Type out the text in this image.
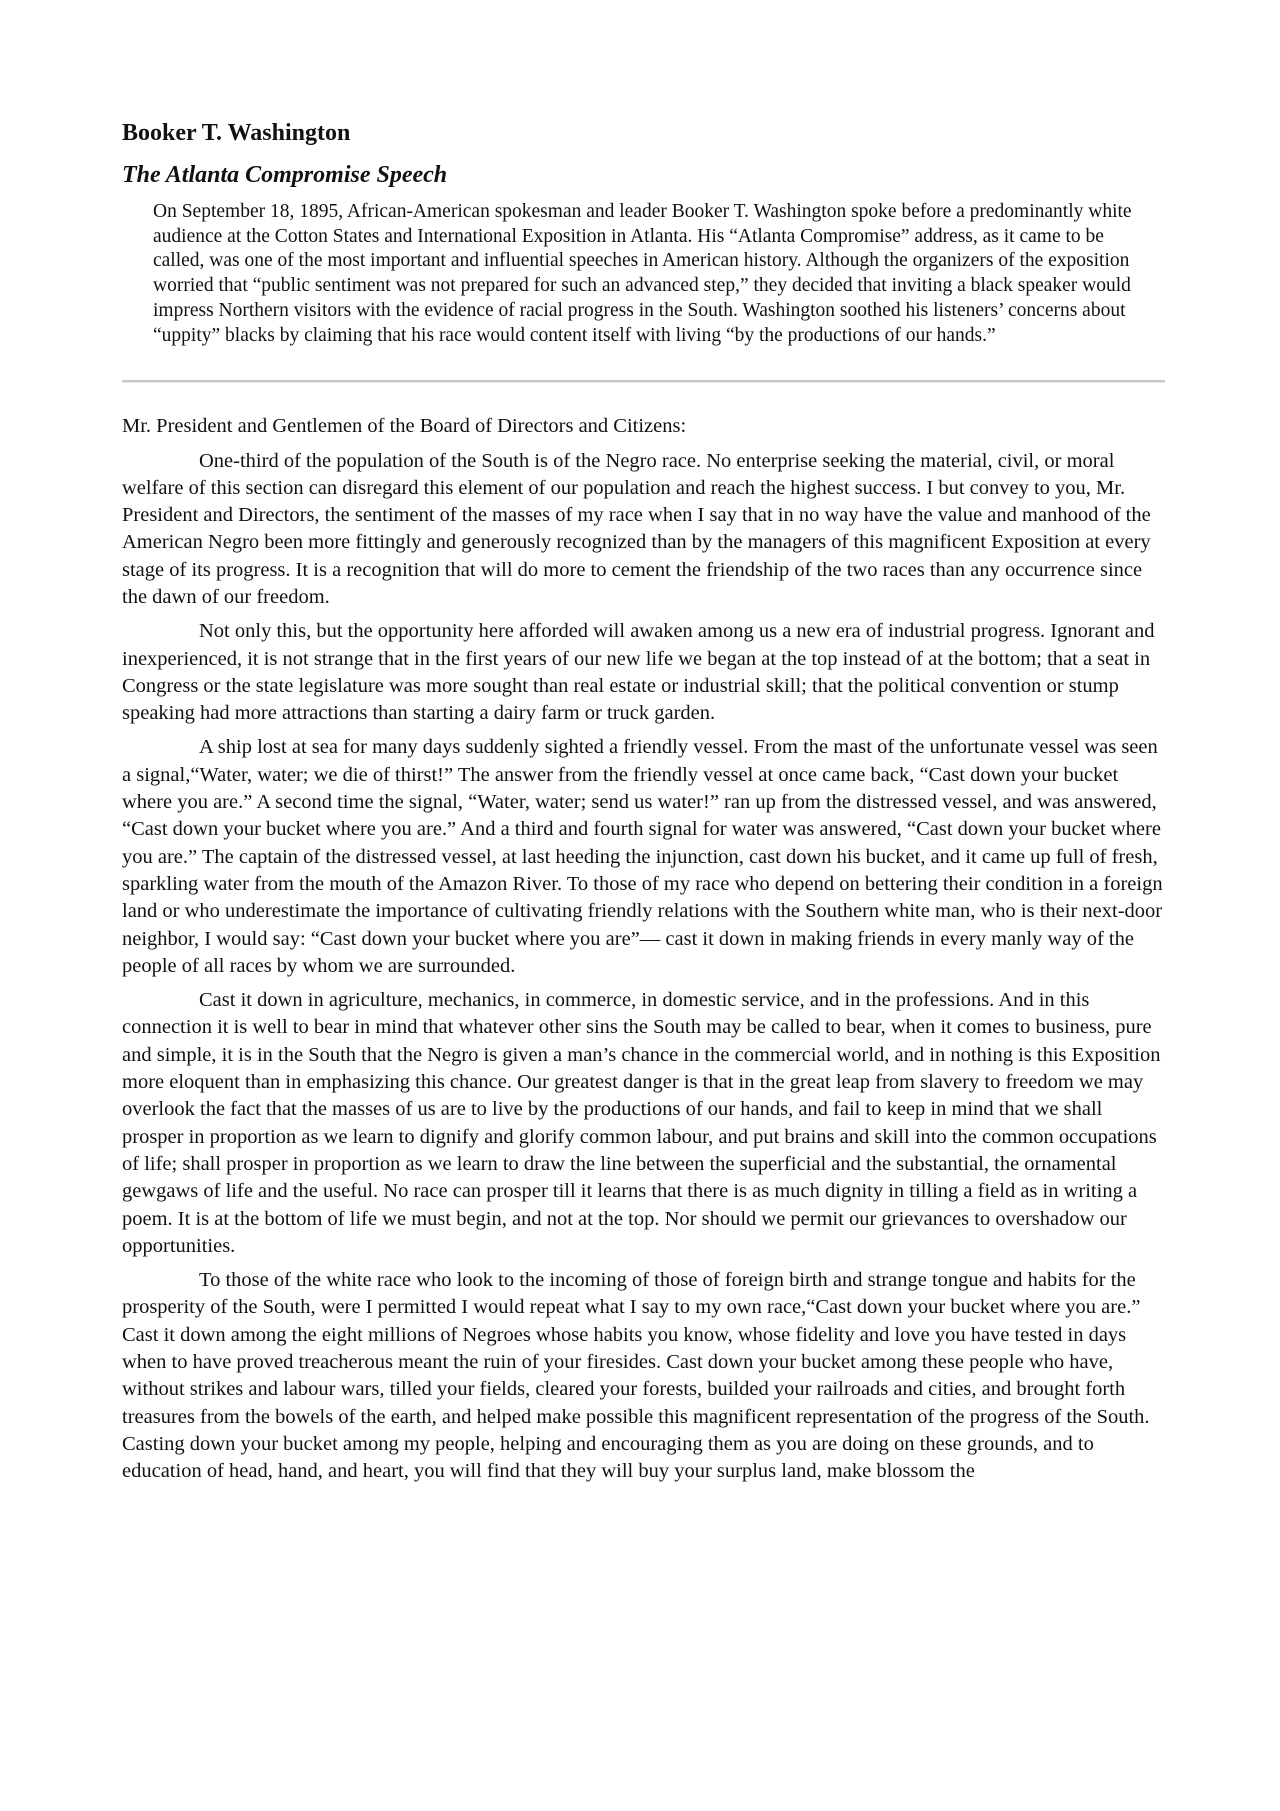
Booker T. Washington
The Atlanta Compromise Speech

On September 18, 1895, African-American spokesman and leader Booker T. Washington spoke before a predominantly white audience at the Cotton States and International Exposition in Atlanta. His “Atlanta Compromise” address, as it came to be called, was one of the most important and influential speeches in American history. Although the organizers of the exposition worried that “public sentiment was not prepared for such an advanced step,” they decided that inviting a black speaker would impress Northern visitors with the evidence of racial progress in the South. Washington soothed his listeners’ concerns about “uppity” blacks by claiming that his race would content itself with living “by the productions of our hands.”

Mr. President and Gentlemen of the Board of Directors and Citizens:

One-third of the population of the South is of the Negro race. No enterprise seeking the material, civil, or moral welfare of this section can disregard this element of our population and reach the highest success. I but convey to you, Mr. President and Directors, the sentiment of the masses of my race when I say that in no way have the value and manhood of the American Negro been more fittingly and generously recognized than by the managers of this magnificent Exposition at every stage of its progress. It is a recognition that will do more to cement the friendship of the two races than any occurrence since the dawn of our freedom.

Not only this, but the opportunity here afforded will awaken among us a new era of industrial progress. Ignorant and inexperienced, it is not strange that in the first years of our new life we began at the top instead of at the bottom; that a seat in Congress or the state legislature was more sought than real estate or industrial skill; that the political convention or stump speaking had more attractions than starting a dairy farm or truck garden.

A ship lost at sea for many days suddenly sighted a friendly vessel. From the mast of the unfortunate vessel was seen a signal,“Water, water; we die of thirst!” The answer from the friendly vessel at once came back, “Cast down your bucket where you are.” A second time the signal, “Water, water; send us water!” ran up from the distressed vessel, and was answered, “Cast down your bucket where you are.” And a third and fourth signal for water was answered, “Cast down your bucket where you are.” The captain of the distressed vessel, at last heeding the injunction, cast down his bucket, and it came up full of fresh, sparkling water from the mouth of the Amazon River. To those of my race who depend on bettering their condition in a foreign land or who underestimate the importance of cultivating friendly relations with the Southern white man, who is their next-door neighbor, I would say: “Cast down your bucket where you are”— cast it down in making friends in every manly way of the people of all races by whom we are surrounded.

Cast it down in agriculture, mechanics, in commerce, in domestic service, and in the professions. And in this connection it is well to bear in mind that whatever other sins the South may be called to bear, when it comes to business, pure and simple, it is in the South that the Negro is given a man’s chance in the commercial world, and in nothing is this Exposition more eloquent than in emphasizing this chance. Our greatest danger is that in the great leap from slavery to freedom we may overlook the fact that the masses of us are to live by the productions of our hands, and fail to keep in mind that we shall prosper in proportion as we learn to dignify and glorify common labour, and put brains and skill into the common occupations of life; shall prosper in proportion as we learn to draw the line between the superficial and the substantial, the ornamental gewgaws of life and the useful. No race can prosper till it learns that there is as much dignity in tilling a field as in writing a poem. It is at the bottom of life we must begin, and not at the top. Nor should we permit our grievances to overshadow our opportunities.

To those of the white race who look to the incoming of those of foreign birth and strange tongue and habits for the prosperity of the South, were I permitted I would repeat what I say to my own race,“Cast down your bucket where you are.” Cast it down among the eight millions of Negroes whose habits you know, whose fidelity and love you have tested in days when to have proved treacherous meant the ruin of your firesides. Cast down your bucket among these people who have, without strikes and labour wars, tilled your fields, cleared your forests, builded your railroads and cities, and brought forth treasures from the bowels of the earth, and helped make possible this magnificent representation of the progress of the South. Casting down your bucket among my people, helping and encouraging them as you are doing on these grounds, and to education of head, hand, and heart, you will find that they will buy your surplus land, make blossom the
